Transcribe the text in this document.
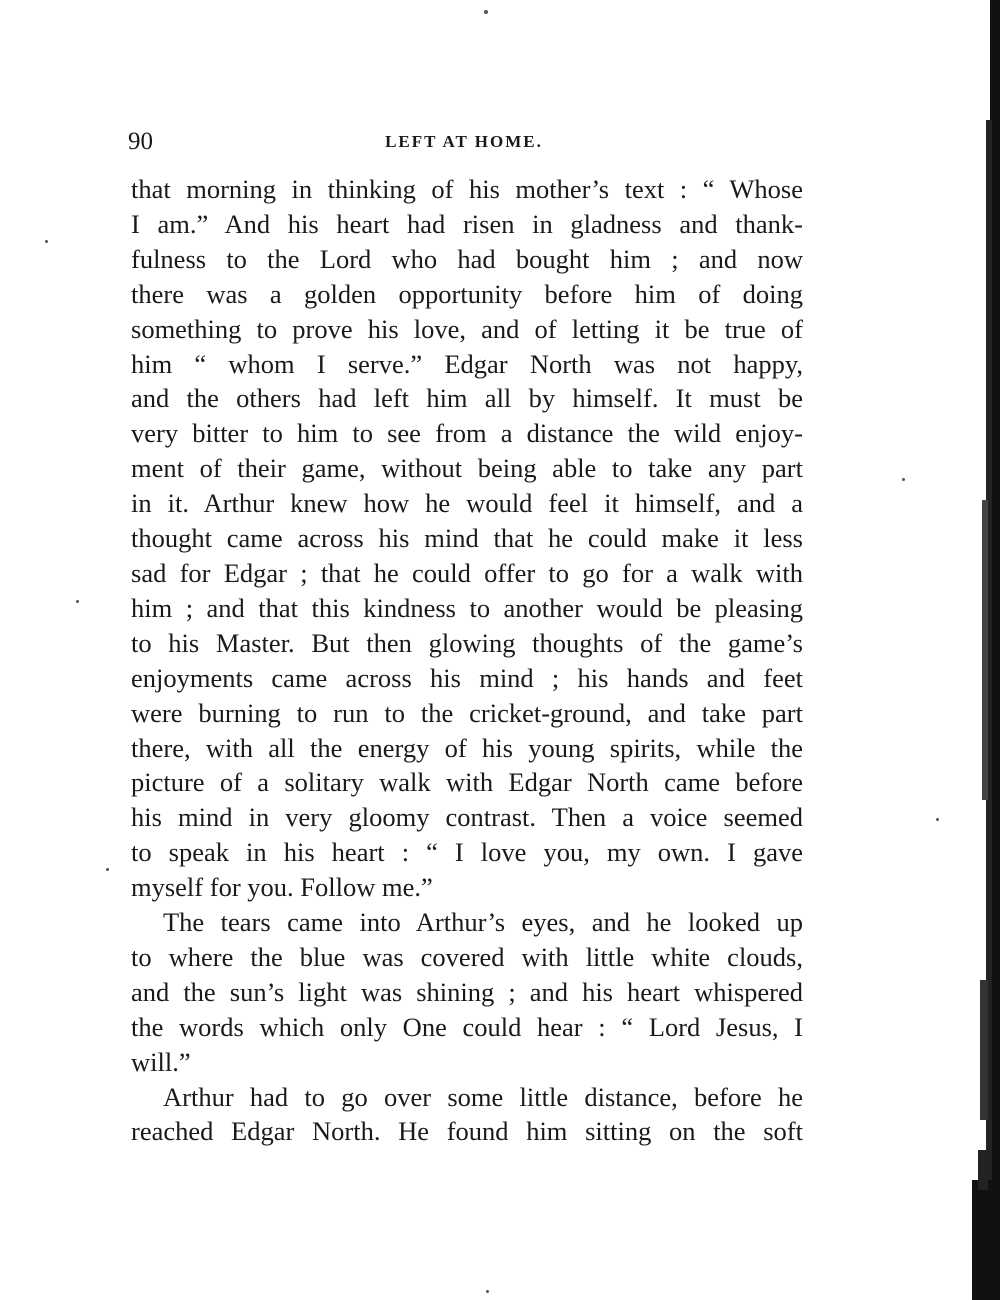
90	LEFT AT HOME.
that morning in thinking of his mother’s text : “ Whose
I am.” And his heart had risen in gladness and thank-
fulness to the Lord who had bought him ; and now
there was a golden opportunity before him of doing
something to prove his love, and of letting it be true of
him “ whom I serve.” Edgar North was not happy,
and the others had left him all by himself. It must be
very bitter to him to see from a distance the wild enjoy-
ment of their game, without being able to take any part
in it. Arthur knew how he would feel it himself, and a
thought came across his mind that he could make it less
sad for Edgar ; that he could offer to go for a walk with
him ; and that this kindness to another would be pleasing
to his Master. But then glowing thoughts of the game’s
enjoyments came across his mind ; his hands and feet
were burning to run to the cricket-ground, and take part
there, with all the energy of his young spirits, while the
picture of a solitary walk with Edgar North came before
his mind in very gloomy contrast. Then a voice seemed
to speak in his heart : “ I love you, my own. I gave
myself for you. Follow me.”
The tears came into Arthur’s eyes, and he looked up
to where the blue was covered with little white clouds,
and the sun’s light was shining ; and his heart whispered
the words which only One could hear : “ Lord Jesus, I
will.”
Arthur had to go over some little distance, before he
reached Edgar North. He found him sitting on the soft
